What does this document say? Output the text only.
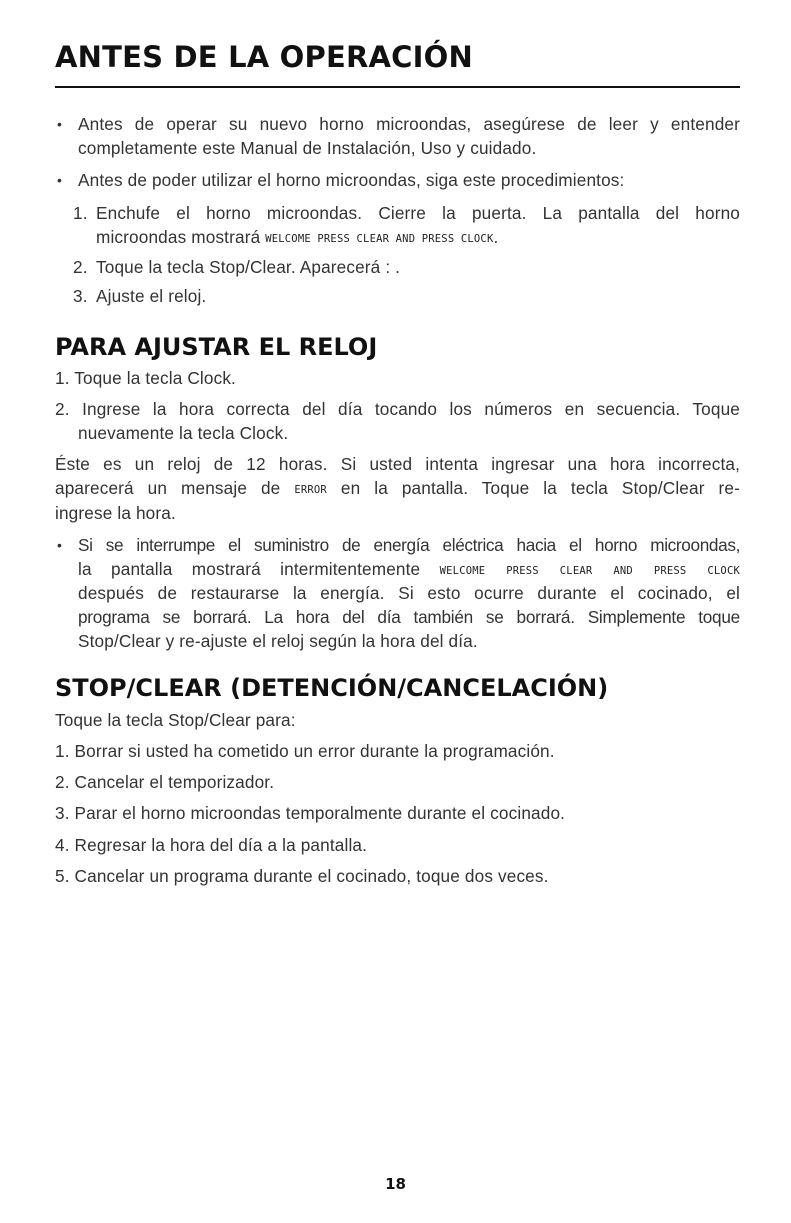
ANTES DE LA OPERACIÓN
• Antes de operar su nuevo horno microondas, asegúrese de leer y entender

completamente este Manual de Instalación, Uso y cuidado.

• Antes de poder utilizar el horno microondas, siga este procedimientos:

1. Enchufe el horno microondas. Cierre la puerta. La pantalla del horno

microondas mostrará WELCOME PRESS CLEAR AND PRESS CLOCK.

2. Toque la tecla Stop/Clear. Aparecerá : .

3. Ajuste el reloj.

PARA AJUSTAR EL RELOJ

1. Toque la tecla Clock.

2. Ingrese la hora correcta del día tocando los números en secuencia. Toque

nuevamente la tecla Clock.

Éste es un reloj de 12 horas. Si usted intenta ingresar una hora incorrecta,

aparecerá un mensaje de ERROR en la pantalla. Toque la tecla Stop/Clear re-

ingrese la hora.

• Si se interrumpe el suministro de energía eléctrica hacia el horno microondas,

la pantalla mostrará intermitentemente WELCOME PRESS CLEAR AND PRESS CLOCK

después de restaurarse la energía. Si esto ocurre durante el cocinado, el

programa se borrará. La hora del día también se borrará. Simplemente toque

Stop/Clear y re-ajuste el reloj según la hora del día.

STOP/CLEAR (DETENCIÓN/CANCELACIÓN)

Toque la tecla Stop/Clear para:

1. Borrar si usted ha cometido un error durante la programación.

2. Cancelar el temporizador.

3. Parar el horno microondas temporalmente durante el cocinado.

4. Regresar la hora del día a la pantalla.

5. Cancelar un programa durante el cocinado, toque dos veces.

18
